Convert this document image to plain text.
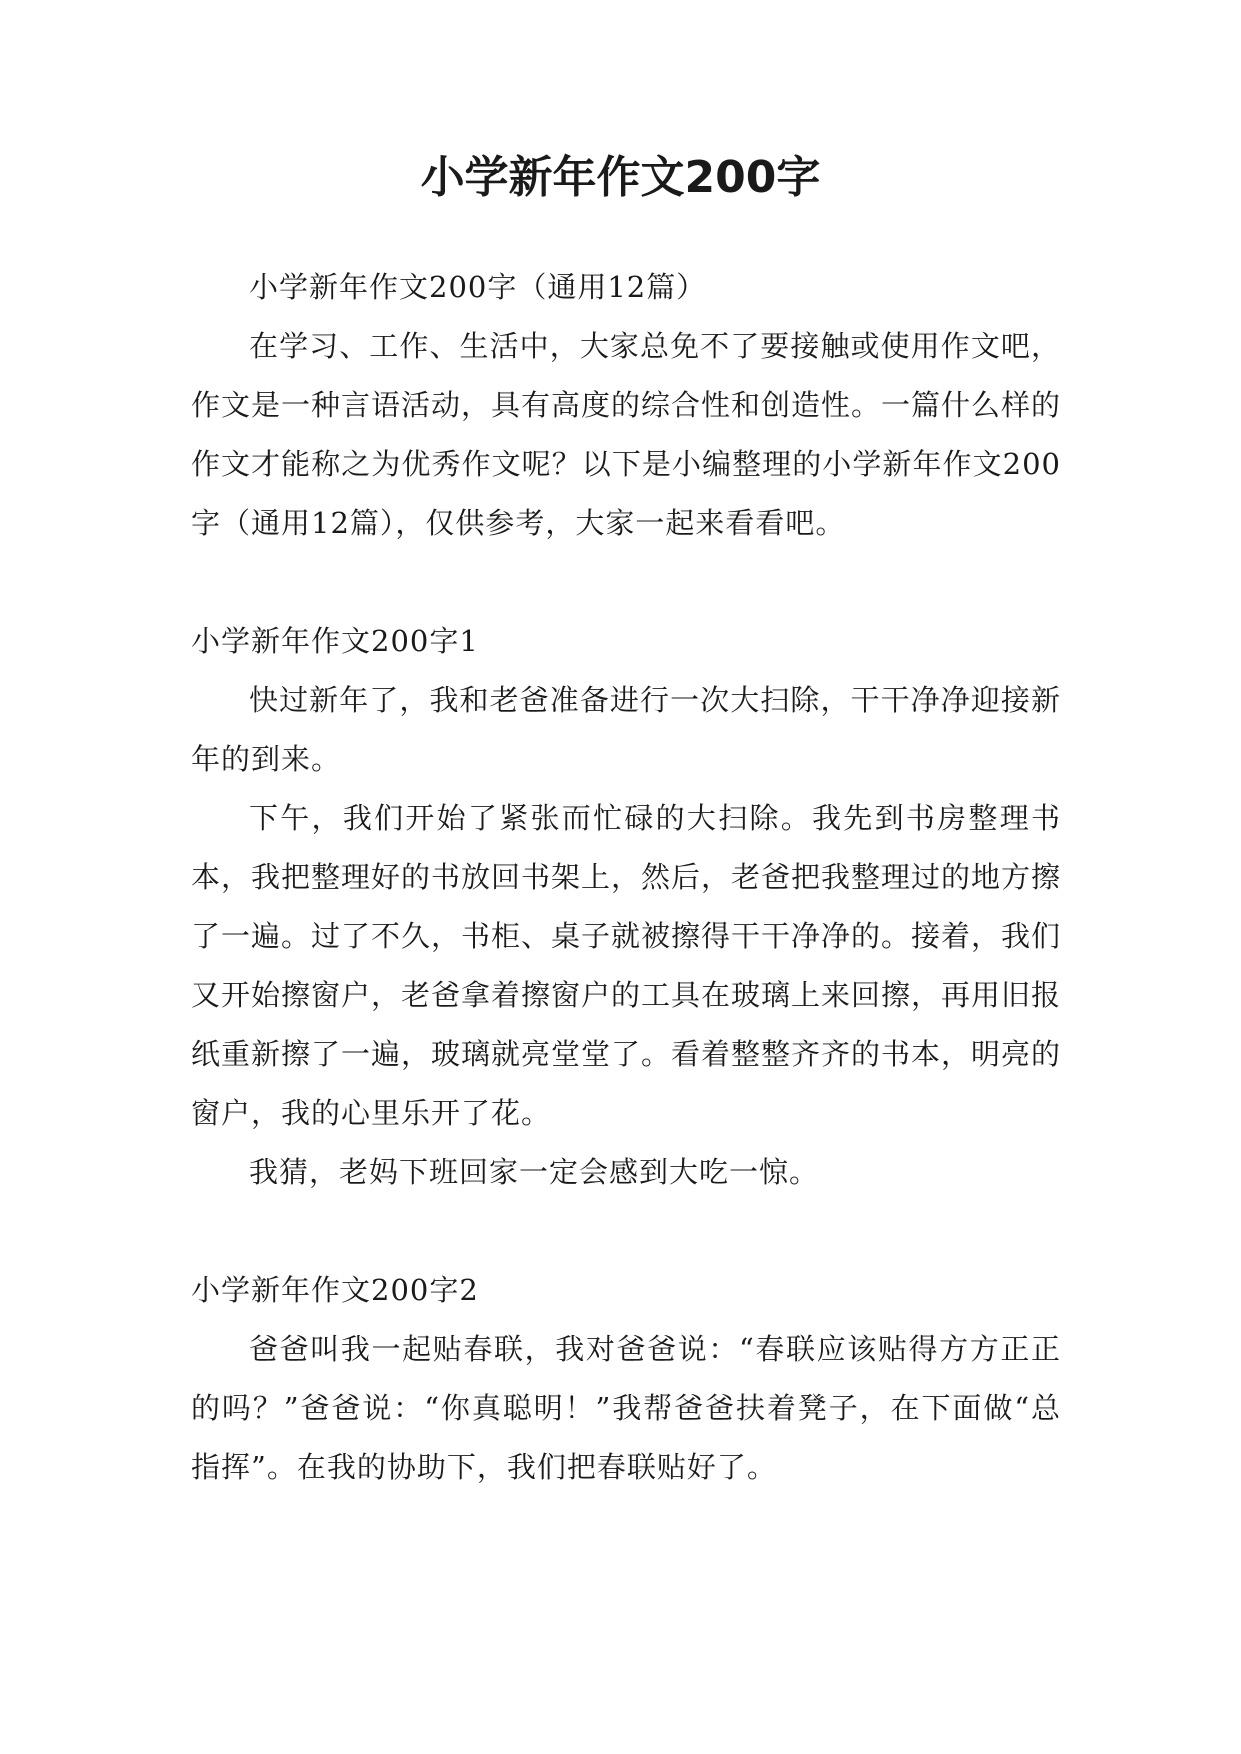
小学新年作文200字

小学新年作文200字（通用12篇）

在学习、工作、生活中，大家总免不了要接触或使用作文吧，作文是一种言语活动，具有高度的综合性和创造性。一篇什么样的作文才能称之为优秀作文呢？以下是小编整理的小学新年作文200字（通用12篇），仅供参考，大家一起来看看吧。

小学新年作文200字1

快过新年了，我和老爸准备进行一次大扫除，干干净净迎接新年的到来。

下午，我们开始了紧张而忙碌的大扫除。我先到书房整理书本，我把整理好的书放回书架上，然后，老爸把我整理过的地方擦了一遍。过了不久，书柜、桌子就被擦得干干净净的。接着，我们又开始擦窗户，老爸拿着擦窗户的工具在玻璃上来回擦，再用旧报纸重新擦了一遍，玻璃就亮堂堂了。看着整整齐齐的书本，明亮的窗户，我的心里乐开了花。

我猜，老妈下班回家一定会感到大吃一惊。

小学新年作文200字2

爸爸叫我一起贴春联，我对爸爸说：“春联应该贴得方方正正的吗？”爸爸说：“你真聪明！”我帮爸爸扶着凳子，在下面做“总指挥”。在我的协助下，我们把春联贴好了。
